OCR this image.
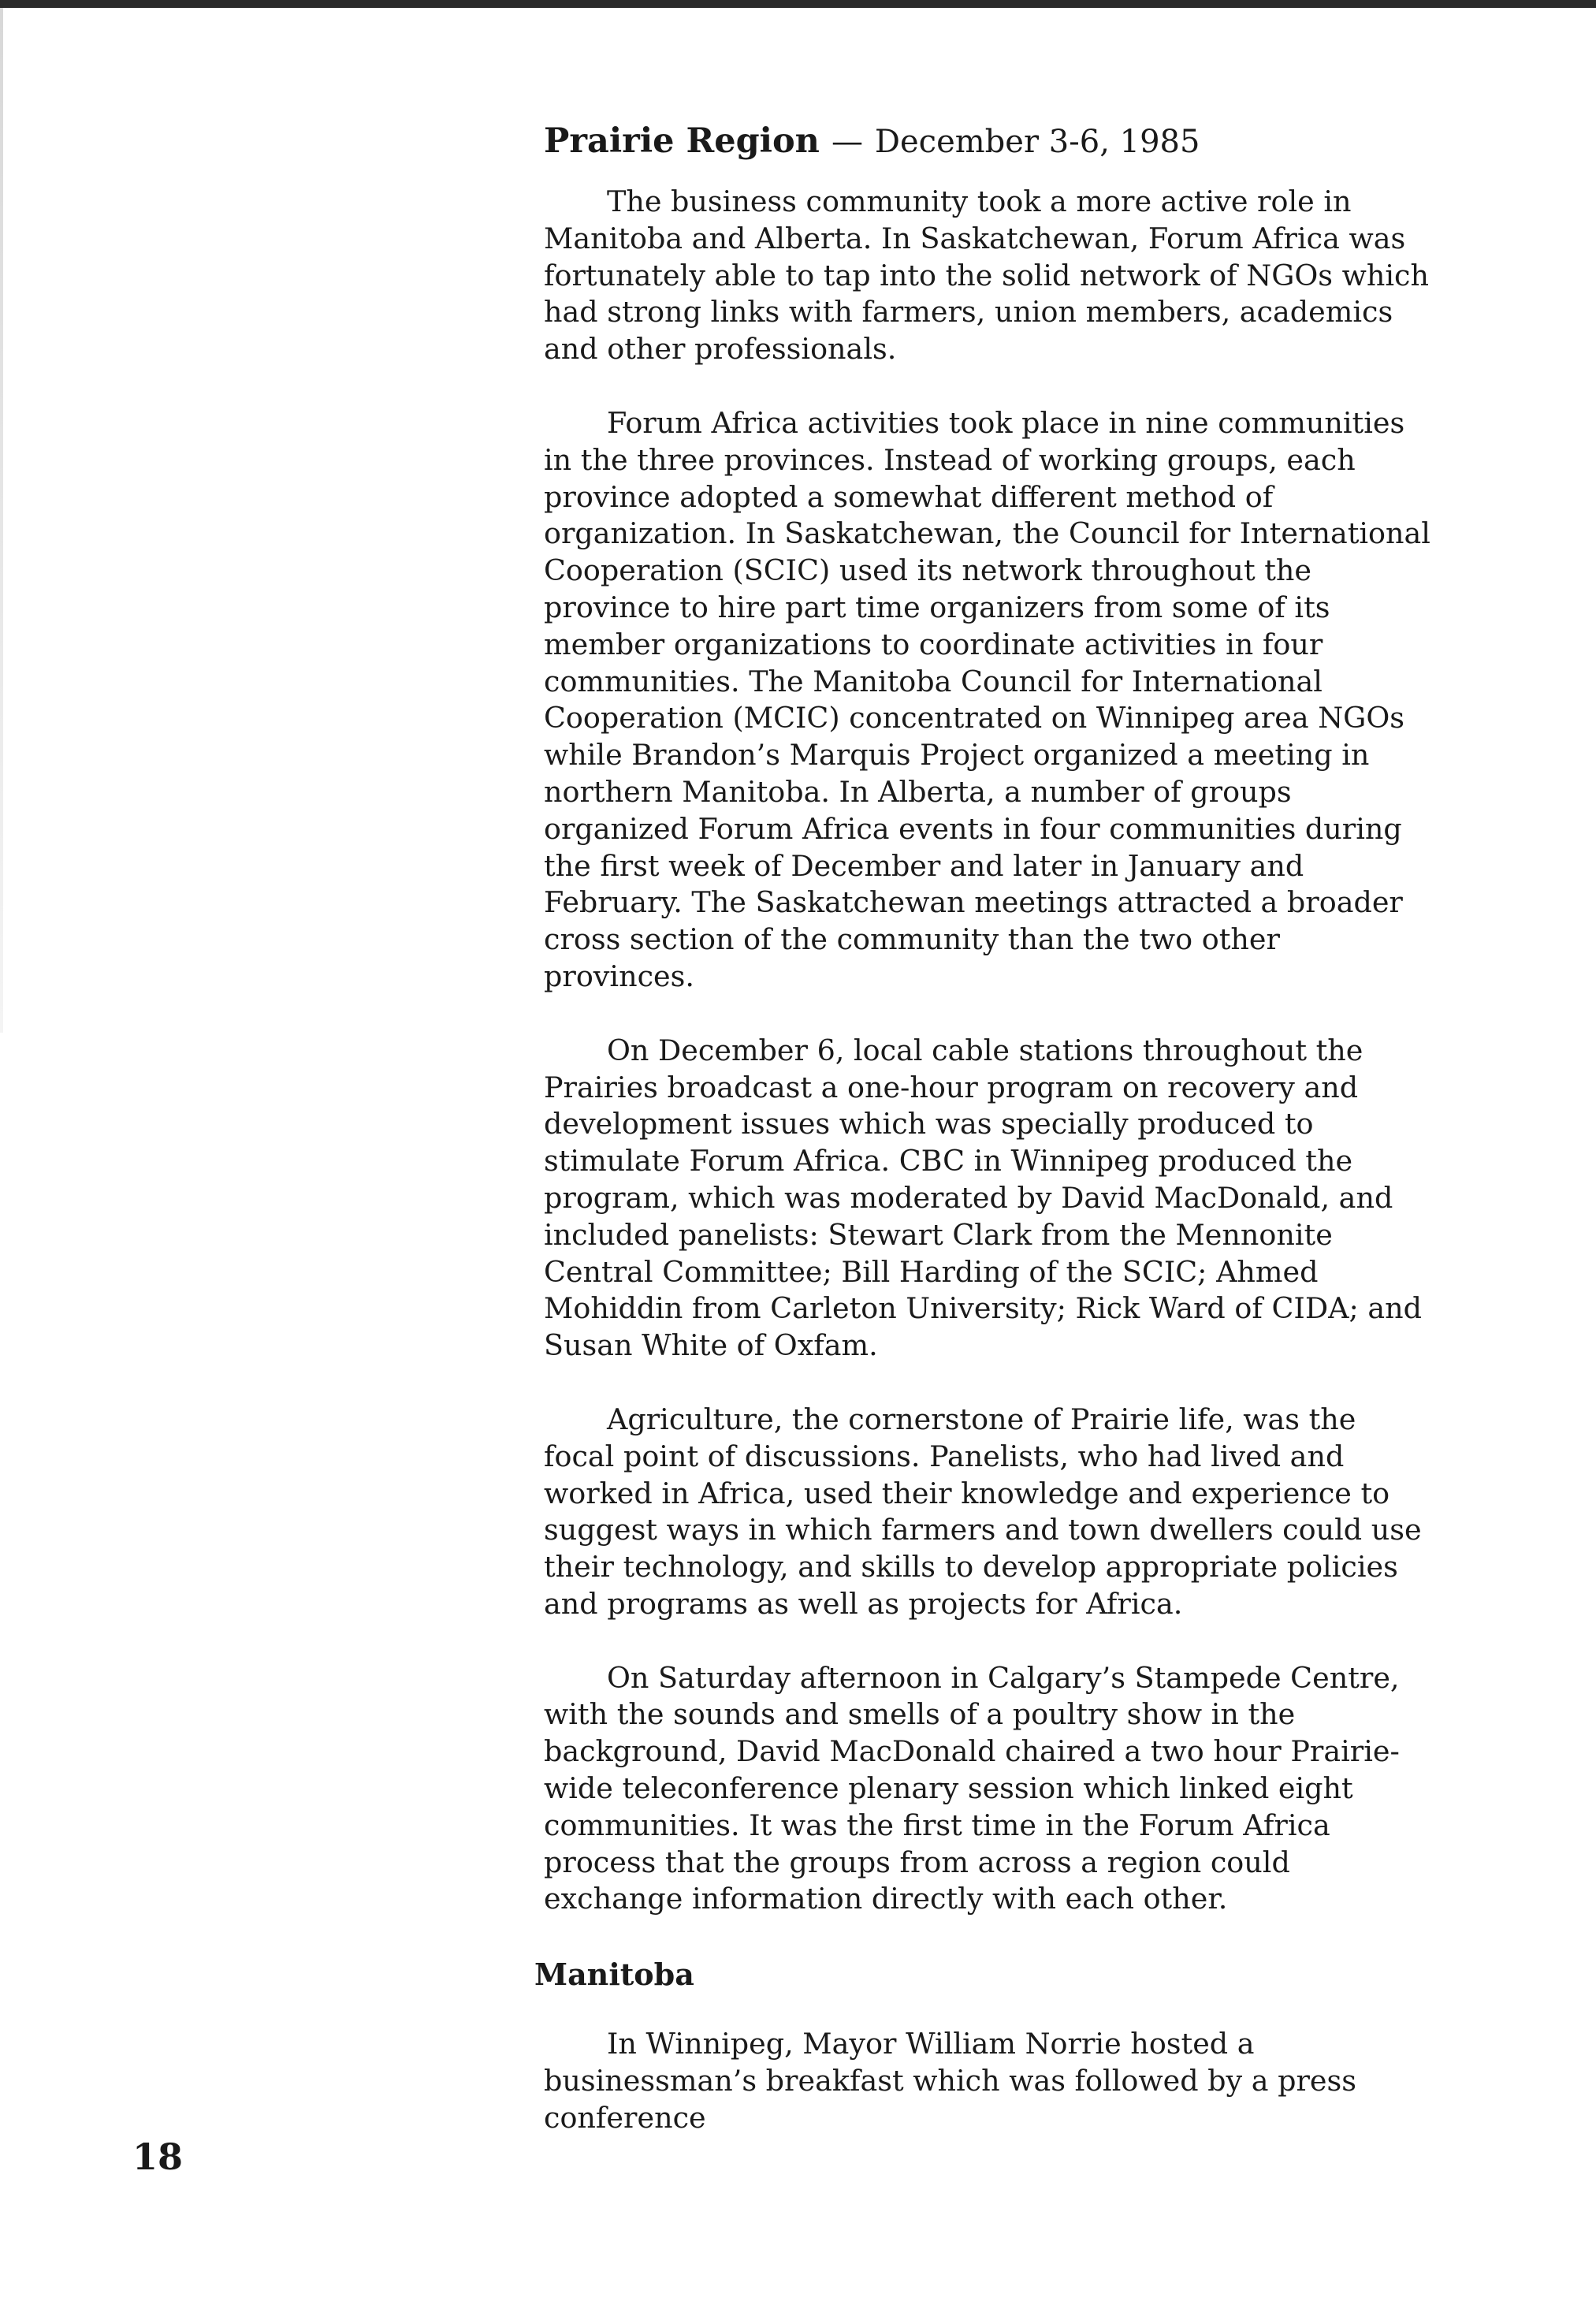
Prairie Region — December 3-6, 1985

The business community took a more active role in Manitoba and Alberta. In Saskatchewan, Forum Africa was fortunately able to tap into the solid network of NGOs which had strong links with farmers, union members, academics and other professionals.

Forum Africa activities took place in nine communities in the three provinces. Instead of working groups, each province adopted a somewhat different method of organization. In Saskatchewan, the Council for International Cooperation (SCIC) used its network throughout the province to hire part time organizers from some of its member organizations to coordinate activities in four communities. The Manitoba Council for International Cooperation (MCIC) concentrated on Winnipeg area NGOs while Brandon’s Marquis Project organized a meeting in northern Manitoba. In Alberta, a number of groups organized Forum Africa events in four communities during the first week of December and later in January and February. The Saskatchewan meetings attracted a broader cross section of the community than the two other provinces.

On December 6, local cable stations throughout the Prairies broadcast a one-hour program on recovery and development issues which was specially produced to stimulate Forum Africa. CBC in Winnipeg produced the program, which was moderated by David MacDonald, and included panelists: Stewart Clark from the Mennonite Central Committee; Bill Harding of the SCIC; Ahmed Mohiddin from Carleton University; Rick Ward of CIDA; and Susan White of Oxfam.

Agriculture, the cornerstone of Prairie life, was the focal point of discussions. Panelists, who had lived and worked in Africa, used their knowledge and experience to suggest ways in which farmers and town dwellers could use their technology, and skills to develop appropriate policies and programs as well as projects for Africa.

On Saturday afternoon in Calgary’s Stampede Centre, with the sounds and smells of a poultry show in the background, David MacDonald chaired a two hour Prairie-wide teleconference plenary session which linked eight communities. It was the first time in the Forum Africa process that the groups from across a region could exchange information directly with each other.

Manitoba

In Winnipeg, Mayor William Norrie hosted a businessman’s breakfast which was followed by a press conference

18
